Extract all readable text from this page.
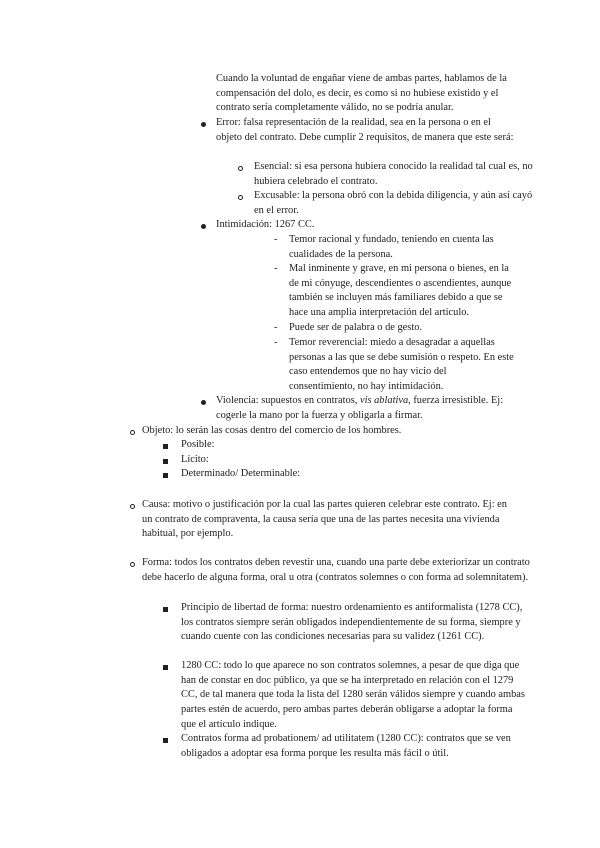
Cuando la voluntad de engañar viene de ambas partes, hablamos de la compensación del dolo, es decir, es como si no hubiese existido y el contrato sería completamente válido, no se podría anular.
Error: falsa representación de la realidad, sea en la persona o en el objeto del contrato. Debe cumplir 2 requisitos, de manera que este será:
Esencial: si esa persona hubiera conocido la realidad tal cual es, no hubiera celebrado el contrato.
Excusable: la persona obró con la debida diligencia, y aún así cayó en el error.
Intimidación: 1267 CC.
- Temor racional y fundado, teniendo en cuenta las cualidades de la persona.
- Mal inminente y grave, en mi persona o bienes, en la de mi cónyuge, descendientes o ascendientes, aunque también se incluyen más familiares debido a que se hace una amplia interpretación del artículo.
- Puede ser de palabra o de gesto.
- Temor reverencial: miedo a desagradar a aquellas personas a las que se debe sumisión o respeto. En este caso entendemos que no hay vicio del consentimiento, no hay intimidación.
Violencia: supuestos en contratos, vis ablativa, fuerza irresistible. Ej: cogerle la mano por la fuerza y obligarla a firmar.
Objeto: lo serán las cosas dentro del comercio de los hombres.
Posible:
Lícito:
Determinado/ Determinable:
Causa: motivo o justificación por la cual las partes quieren celebrar este contrato. Ej: en un contrato de compraventa, la causa sería que una de las partes necesita una vivienda habitual, por ejemplo.
Forma: todos los contratos deben revestir una, cuando una parte debe exteriorizar un contrato debe hacerlo de alguna forma, oral u otra (contratos solemnes o con forma ad solemnitatem).
Principio de libertad de forma: nuestro ordenamiento es antiformalista (1278 CC), los contratos siempre serán obligados independientemente de su forma, siempre y cuando cuente con las condiciones necesarias para su validez (1261 CC).
1280 CC: todo lo que aparece no son contratos solemnes, a pesar de que diga que han de constar en doc público, ya que se ha interpretado en relación con el 1279 CC, de tal manera que toda la lista del 1280 serán válidos siempre y cuando ambas partes estén de acuerdo, pero ambas partes deberán obligarse a adoptar la forma que el artículo indique.
Contratos forma ad probationem/ ad utilitatem (1280 CC): contratos que se ven obligados a adoptar esa forma porque les resulta más fácil o útil.
